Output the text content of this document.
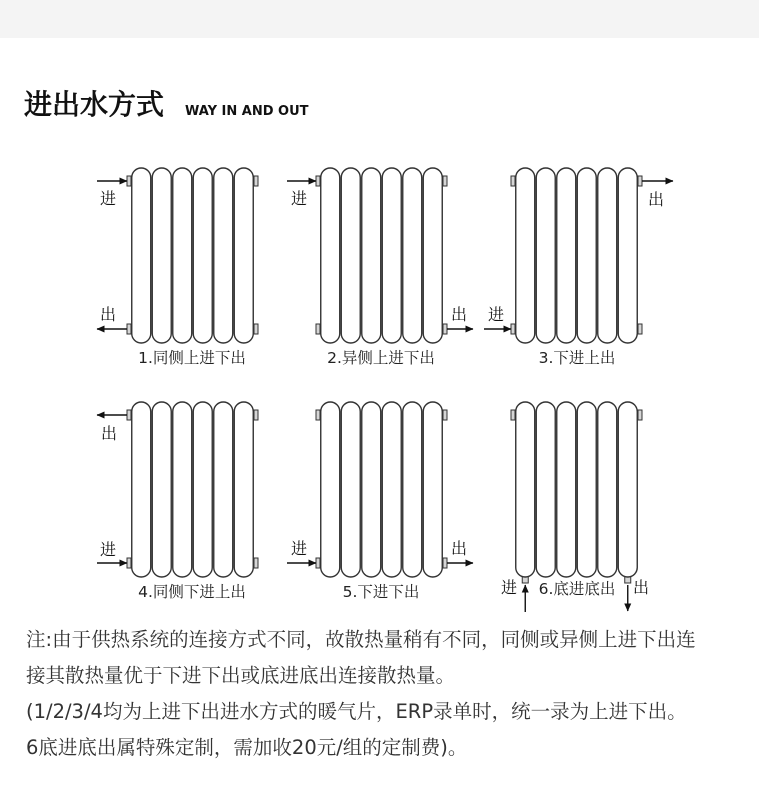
进出水方式 WAY IN AND OUT
进
出
1.同侧上进下出
进
出
2.异侧上进下出
出
进
3.下进上出
出
进
4.同侧下进上出
进	出
5.下进下出	进	出
6.底进底出
注:由于供热系统的连接方式不同，故散热量稍有不同，同侧或异侧上进下出连
接其散热量优于下进下出或底进底出连接散热量。
(1/2/3/4均为上进下出进水方式的暖气片，ERP录单时，统一录为上进下出。
6底进底出属特殊定制，需加收20元/组的定制费)。
